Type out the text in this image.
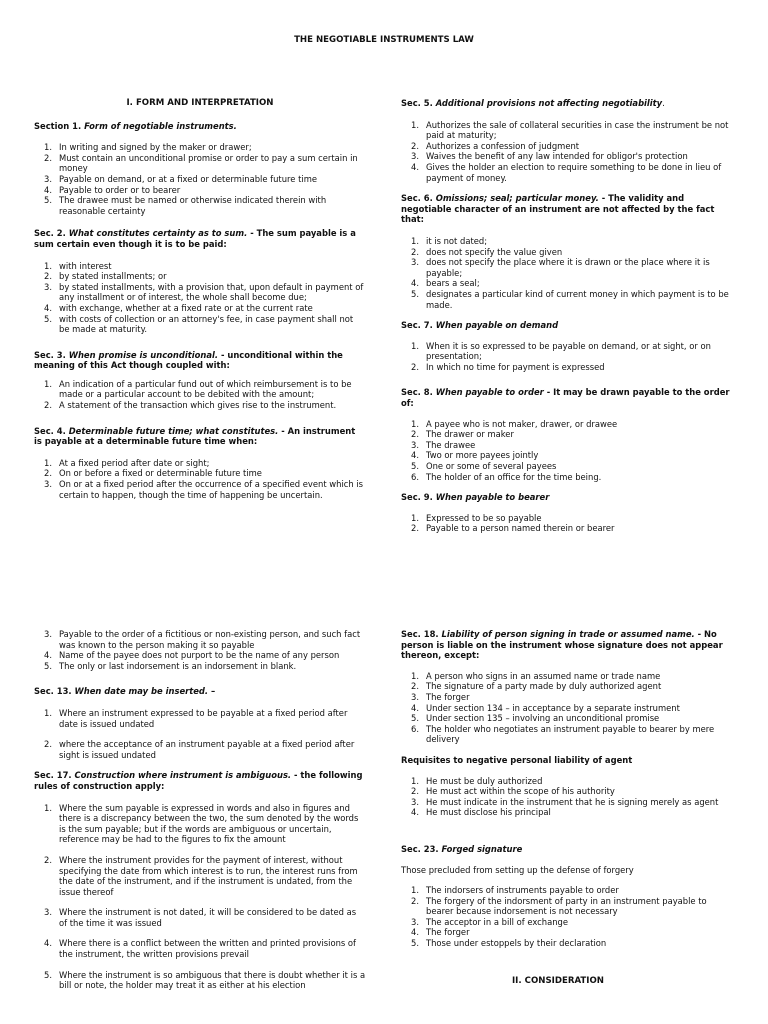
THE NEGOTIABLE INSTRUMENTS LAW
I. FORM AND INTERPRETATION
Section 1. Form of negotiable instruments.
1. In writing and signed by the maker or drawer;
2. Must contain an unconditional promise or order to pay a sum certain in money
3. Payable on demand, or at a fixed or determinable future time
4. Payable to order or to bearer
5. The drawee must be named or otherwise indicated therein with reasonable certainty
Sec. 2. What constitutes certainty as to sum. - The sum payable is a sum certain even though it is to be paid:
1. with interest
2. by stated installments; or
3. by stated installments, with a provision that, upon default in payment of any installment or of interest, the whole shall become due;
4. with exchange, whether at a fixed rate or at the current rate
5. with costs of collection or an attorney's fee, in case payment shall not be made at maturity.
Sec. 3. When promise is unconditional. - unconditional within the meaning of this Act though coupled with:
1. An indication of a particular fund out of which reimbursement is to be made or a particular account to be debited with the amount;
2. A statement of the transaction which gives rise to the instrument.
Sec. 4. Determinable future time; what constitutes. - An instrument is payable at a determinable future time when:
1. At a fixed period after date or sight;
2. On or before a fixed or determinable future time
3. On or at a fixed period after the occurrence of a specified event which is certain to happen, though the time of happening be uncertain.
3. Payable to the order of a fictitious or non-existing person, and such fact was known to the person making it so payable
4. Name of the payee does not purport to be the name of any person
5. The only or last indorsement is an indorsement in blank.
Sec. 13. When date may be inserted. –
1. Where an instrument expressed to be payable at a fixed period after date is issued undated
2. where the acceptance of an instrument payable at a fixed period after sight is issued undated
Sec. 17. Construction where instrument is ambiguous. - the following rules of construction apply:
1. Where the sum payable is expressed in words and also in figures and there is a discrepancy between the two, the sum denoted by the words is the sum payable; but if the words are ambiguous or uncertain, reference may be had to the figures to fix the amount
2. Where the instrument provides for the payment of interest, without specifying the date from which interest is to run, the interest runs from the date of the instrument, and if the instrument is undated, from the issue thereof
3. Where the instrument is not dated, it will be considered to be dated as of the time it was issued
4. Where there is a conflict between the written and printed provisions of the instrument, the written provisions prevail
5. Where the instrument is so ambiguous that there is doubt whether it is a bill or note, the holder may treat it as either at his election
Sec. 5. Additional provisions not affecting negotiability.
1. Authorizes the sale of collateral securities in case the instrument be not paid at maturity;
2. Authorizes a confession of judgment
3. Waives the benefit of any law intended for obligor's protection
4. Gives the holder an election to require something to be done in lieu of payment of money.
Sec. 6. Omissions; seal; particular money. - The validity and negotiable character of an instrument are not affected by the fact that:
1. it is not dated;
2. does not specify the value given
3. does not specify the place where it is drawn or the place where it is payable;
4. bears a seal;
5. designates a particular kind of current money in which payment is to be made.
Sec. 7. When payable on demand
1. When it is so expressed to be payable on demand, or at sight, or on presentation;
2. In which no time for payment is expressed
Sec. 8. When payable to order - It may be drawn payable to the order of:
1. A payee who is not maker, drawer, or drawee
2. The drawer or maker
3. The drawee
4. Two or more payees jointly
5. One or some of several payees
6. The holder of an office for the time being.
Sec. 9. When payable to bearer
1. Expressed to be so payable
2. Payable to a person named therein or bearer
Sec. 18. Liability of person signing in trade or assumed name. - No person is liable on the instrument whose signature does not appear thereon, except:
1. A person who signs in an assumed name or trade name
2. The signature of a party made by duly authorized agent
3. The forger
4. Under section 134 – in acceptance by a separate instrument
5. Under section 135 – involving an unconditional promise
6. The holder who negotiates an instrument payable to bearer by mere delivery
Requisites to negative personal liability of agent
1. He must be duly authorized
2. He must act within the scope of his authority
3. He must indicate in the instrument that he is signing merely as agent
4. He must disclose his principal
Sec. 23. Forged signature
Those precluded from setting up the defense of forgery
1. The indorsers of instruments payable to order
2. The forgery of the indorsment of party in an instrument payable to bearer because indorsement is not necessary
3. The acceptor in a bill of exchange
4. The forger
5. Those under estoppels by their declaration
II. CONSIDERATION
